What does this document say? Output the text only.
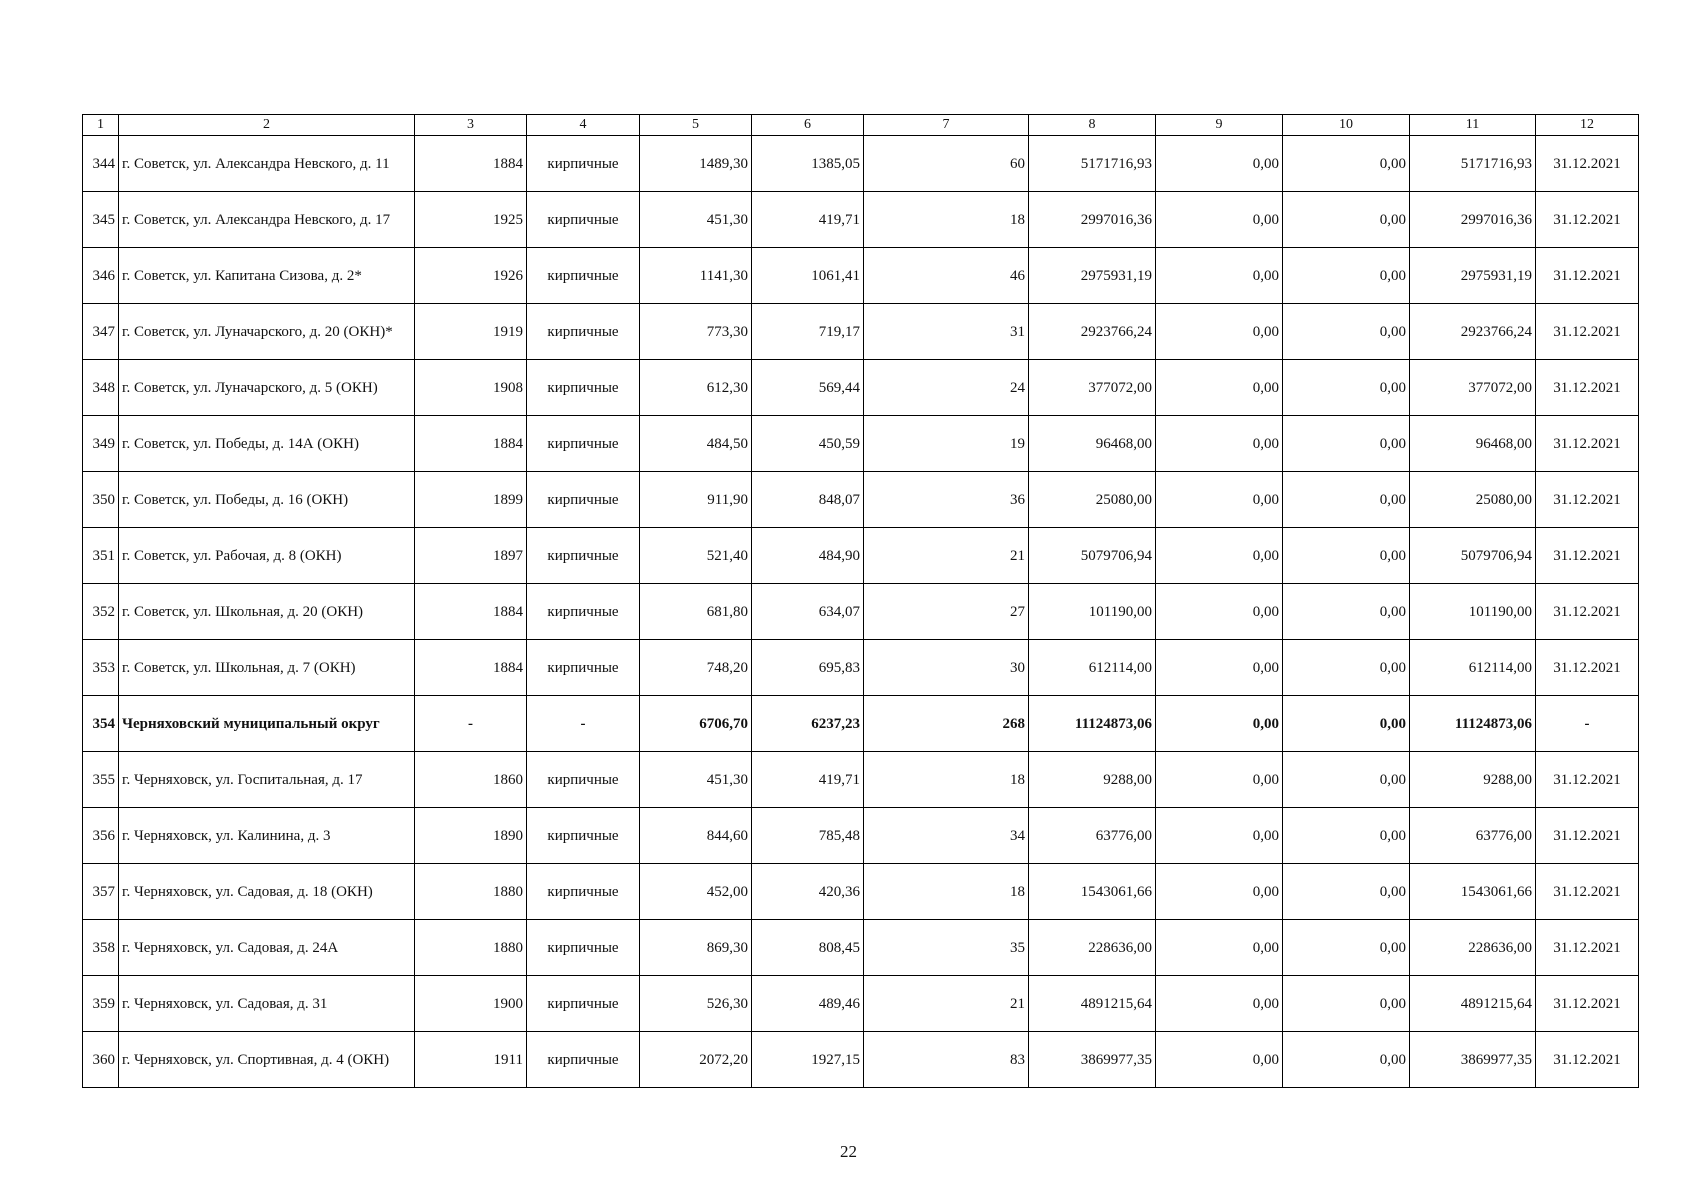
1	2	3	4	5	6	7	8	9	10	11	12
344	г. Советск, ул. Александра Невского, д. 11	1884	кирпичные	1489,30	1385,05	60	5171716,93	0,00	0,00	5171716,93	31.12.2021
345	г. Советск, ул. Александра Невского, д. 17	1925	кирпичные	451,30	419,71	18	2997016,36	0,00	0,00	2997016,36	31.12.2021
346	г. Советск, ул. Капитана Сизова, д. 2*	1926	кирпичные	1141,30	1061,41	46	2975931,19	0,00	0,00	2975931,19	31.12.2021
347	г. Советск, ул. Луначарского, д. 20 (ОКН)*	1919	кирпичные	773,30	719,17	31	2923766,24	0,00	0,00	2923766,24	31.12.2021
348	г. Советск, ул. Луначарского, д. 5 (ОКН)	1908	кирпичные	612,30	569,44	24	377072,00	0,00	0,00	377072,00	31.12.2021
349	г. Советск, ул. Победы, д. 14А (ОКН)	1884	кирпичные	484,50	450,59	19	96468,00	0,00	0,00	96468,00	31.12.2021
350	г. Советск, ул. Победы, д. 16 (ОКН)	1899	кирпичные	911,90	848,07	36	25080,00	0,00	0,00	25080,00	31.12.2021
351	г. Советск, ул. Рабочая, д. 8 (ОКН)	1897	кирпичные	521,40	484,90	21	5079706,94	0,00	0,00	5079706,94	31.12.2021
352	г. Советск, ул. Школьная, д. 20 (ОКН)	1884	кирпичные	681,80	634,07	27	101190,00	0,00	0,00	101190,00	31.12.2021
353	г. Советск, ул. Школьная, д. 7 (ОКН)	1884	кирпичные	748,20	695,83	30	612114,00	0,00	0,00	612114,00	31.12.2021
354	Черняховский муниципальный округ	-	-	6706,70	6237,23	268	11124873,06	0,00	0,00	11124873,06	-
355	г. Черняховск, ул. Госпитальная, д. 17	1860	кирпичные	451,30	419,71	18	9288,00	0,00	0,00	9288,00	31.12.2021
356	г. Черняховск, ул. Калинина, д. 3	1890	кирпичные	844,60	785,48	34	63776,00	0,00	0,00	63776,00	31.12.2021
357	г. Черняховск, ул. Садовая, д. 18 (ОКН)	1880	кирпичные	452,00	420,36	18	1543061,66	0,00	0,00	1543061,66	31.12.2021
358	г. Черняховск, ул. Садовая, д. 24А	1880	кирпичные	869,30	808,45	35	228636,00	0,00	0,00	228636,00	31.12.2021
359	г. Черняховск, ул. Садовая, д. 31	1900	кирпичные	526,30	489,46	21	4891215,64	0,00	0,00	4891215,64	31.12.2021
360	г. Черняховск, ул. Спортивная, д. 4 (ОКН)	1911	кирпичные	2072,20	1927,15	83	3869977,35	0,00	0,00	3869977,35	31.12.2021
22
